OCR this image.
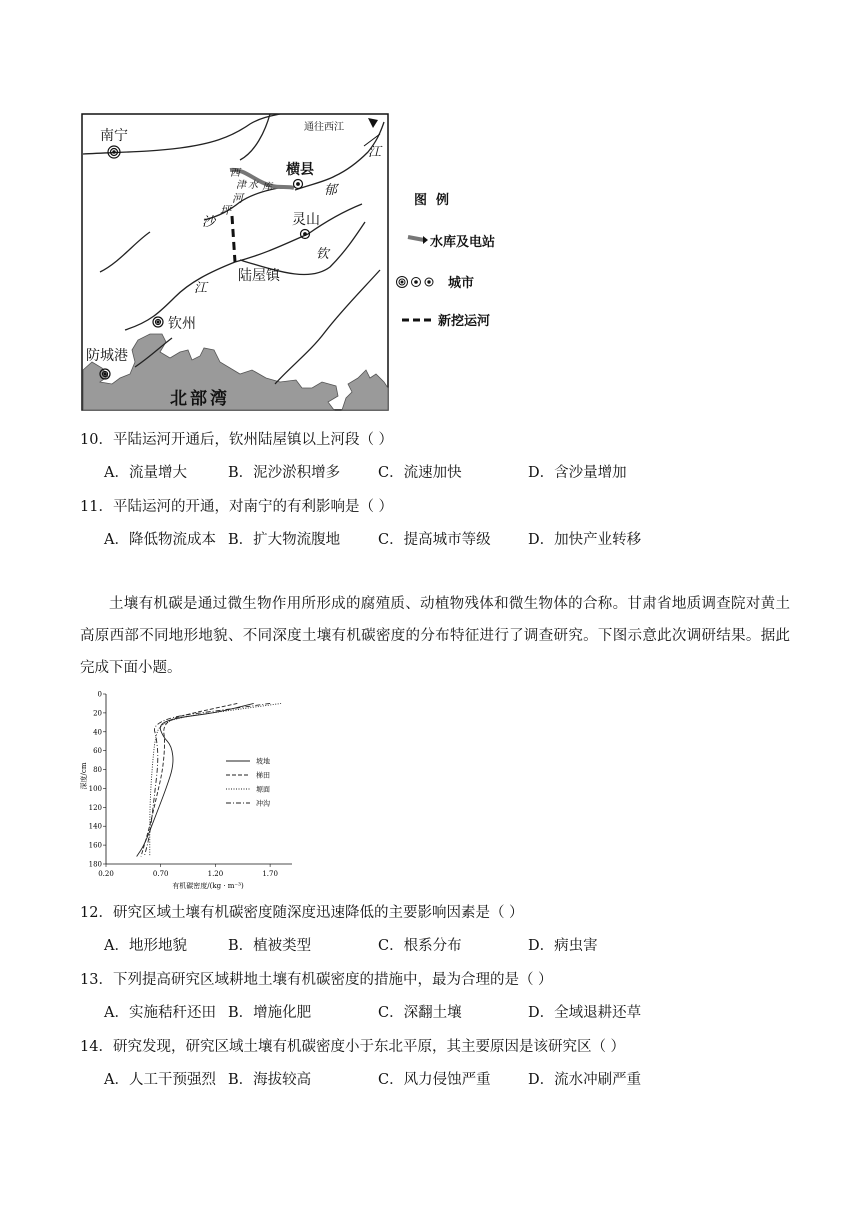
南宁
横县
灵山
陆屋镇
钦州
防城港
北部湾
通往西江
郁
江
钦
江
沙
坪
河
西
津 水 库
图  例
水库及电站
城市
新挖运河
10．平陆运河开通后，钦州陆屋镇以上河段（ ）
A．流量增大	B．泥沙淤积增多	C．流速加快	D．含沙量增加
11．平陆运河的开通，对南宁的有利影响是（ ）
A．降低物流成本 B．扩大物流腹地	C．提高城市等级	D．加快产业转移
土壤有机碳是通过微生物作用所形成的腐殖质、动植物残体和微生物体的合称。甘肃省地质调查院对黄土高原西部不同地形地貌、不同深度土壤有机碳密度的分布特征进行了调查研究。下图示意此次调研结果。据此完成下面小题。
0
20
40
60
80
100
120
140
160
180
0.20	0.70	1.20	1.70
坡地
梯田
塬面
冲沟
有机碳密度/(kg · m⁻³)
深度/cm
12．研究区域土壤有机碳密度随深度迅速降低的主要影响因素是（ ）
A．地形地貌	B．植被类型	C．根系分布	D．病虫害
13．下列提高研究区域耕地土壤有机碳密度的措施中，最为合理的是（ ）
A．实施秸秆还田 B．增施化肥	C．深翻土壤	D．全域退耕还草
14．研究发现，研究区域土壤有机碳密度小于东北平原，其主要原因是该研究区（ ）
A．人工干预强烈 B．海拔较高	C．风力侵蚀严重	D．流水冲刷严重
